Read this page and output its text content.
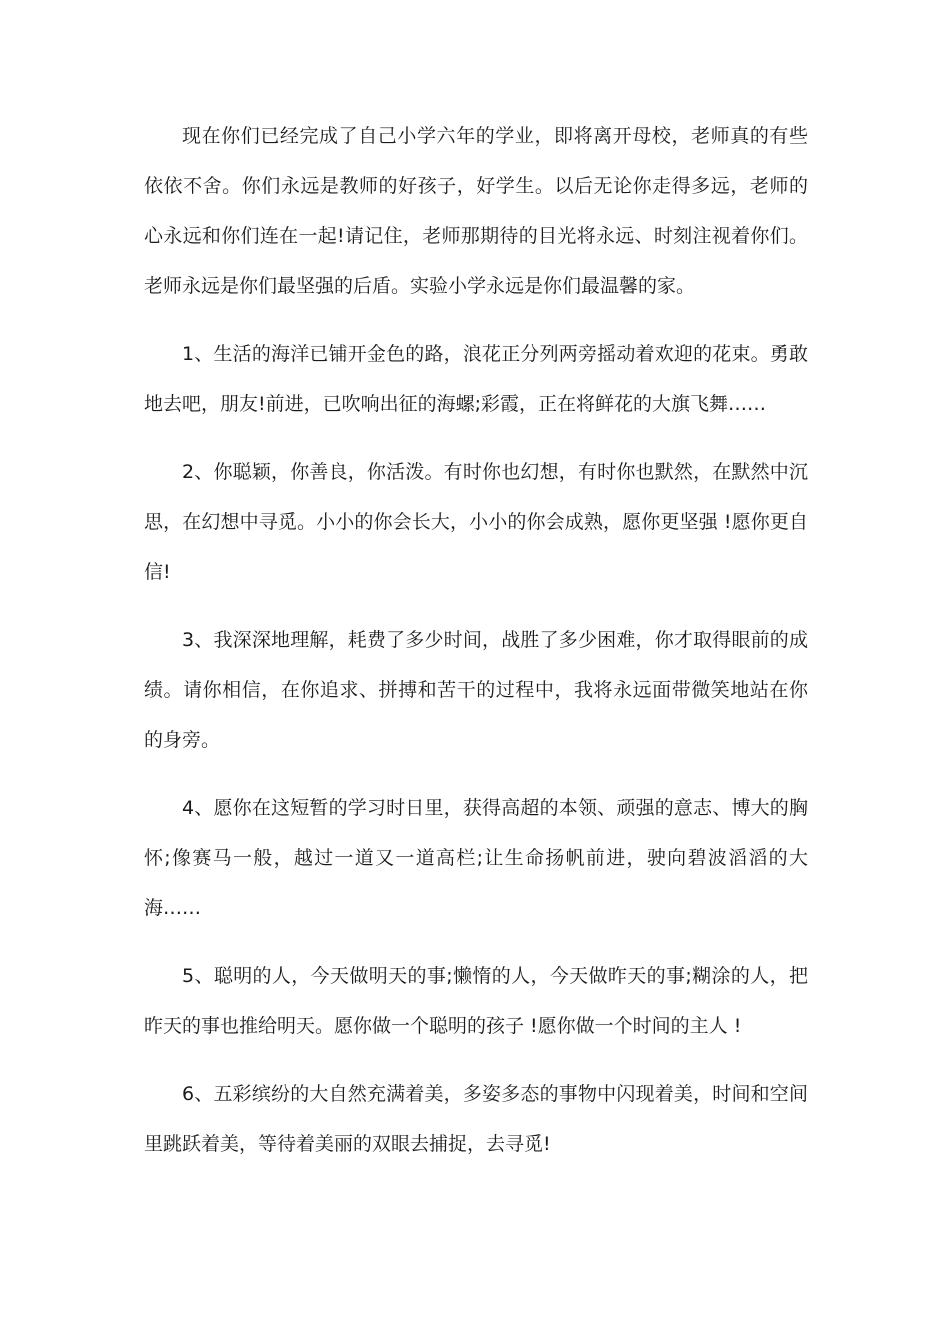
现在你们已经完成了自己小学六年的学业，即将离开母校，老师真的有些依依不舍。你们永远是教师的好孩子，好学生。以后无论你走得多远，老师的心永远和你们连在一起!请记住，老师那期待的目光将永远、时刻注视着你们。老师永远是你们最坚强的后盾。实验小学永远是你们最温馨的家。

1、生活的海洋已铺开金色的路，浪花正分列两旁摇动着欢迎的花束。勇敢地去吧，朋友!前进，已吹响出征的海螺;彩霞，正在将鲜花的大旗飞舞……

2、你聪颖，你善良，你活泼。有时你也幻想，有时你也默然，在默然中沉思，在幻想中寻觅。小小的你会长大，小小的你会成熟，愿你更坚强 !愿你更自信!

3、我深深地理解，耗费了多少时间，战胜了多少困难，你才取得眼前的成绩。请你相信，在你追求、拼搏和苦干的过程中，我将永远面带微笑地站在你的身旁。

4、愿你在这短暂的学习时日里，获得高超的本领、顽强的意志、博大的胸怀;像赛马一般，越过一道又一道高栏;让生命扬帆前进，驶向碧波滔滔的大海……

5、聪明的人，今天做明天的事;懒惰的人，今天做昨天的事;糊涂的人，把昨天的事也推给明天。愿你做一个聪明的孩子 !愿你做一个时间的主人 !

6、五彩缤纷的大自然充满着美，多姿多态的事物中闪现着美，时间和空间里跳跃着美，等待着美丽的双眼去捕捉，去寻觅!
